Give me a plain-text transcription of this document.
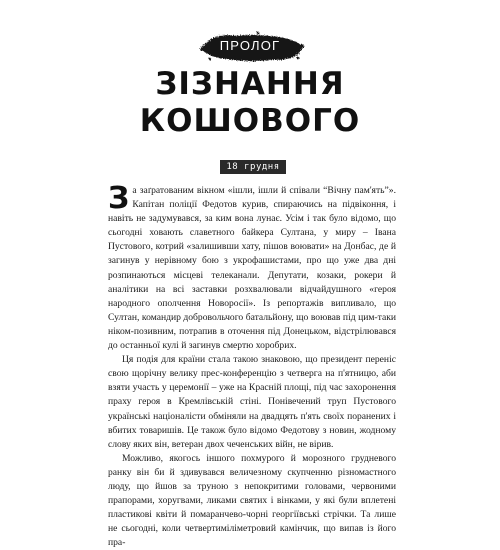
ПРОЛОГ
ЗІЗНАННЯ
КОШОВОГО
18 грудня

За заґратованим вікном «ішли, ішли й співали “Вічну пам'ять”». Капітан поліції Федотов курив, спираючись на підвіконня, і навіть не задумувався, за ким вона лунає. Усім і так було відомо, що сьогодні ховають славетного байкера Султана, у миру – Івана Пустового, котрий «залишивши хату, пішов воювати» на Донбас, де й загинув у нерівному бою з укрофашистами, про що уже два дні розпинаються місцеві телеканали. Депутати, козаки, рокери й аналітики на всі заставки розхвалювали відчайдушного «героя народного ополчення Новоросії». Із репортажів випливало, що Султан, командир добровольчого батальйону, що воював під цим-таки ніком-позивним, потрапив в оточення під Донецьком, відстрілювався до останньої кулі й загинув смертю хоробрих.

Ця подія для країни стала такою знаковою, що президент переніс свою щорічну велику прес-конференцію з четверга на п'ятницю, аби взяти участь у церемонії – уже на Красній площі, під час захоронення праху героя в Кремлівській стіні. Понівечений труп Пустового українські націоналісти обміняли на двадцять п'ять своїх поранених і вбитих товаришів. Це також було відомо Федотову з новин, жодному слову яких він, ветеран двох чеченських війн, не вірив.

Можливо, якогось іншого похмурого й морозного грудневого ранку він би й здивувався величезному скупченню різномастного люду, що йшов за труною з непокритими головами, червоними прапорами, хоругвами, ликами святих і вінками, у які були вплетені пластикові квіти й помаранчево-чорні георгіївські стрічки. Та лише не сьогодні, коли четвертиміліметровий камінчик, що випав із його пра-
